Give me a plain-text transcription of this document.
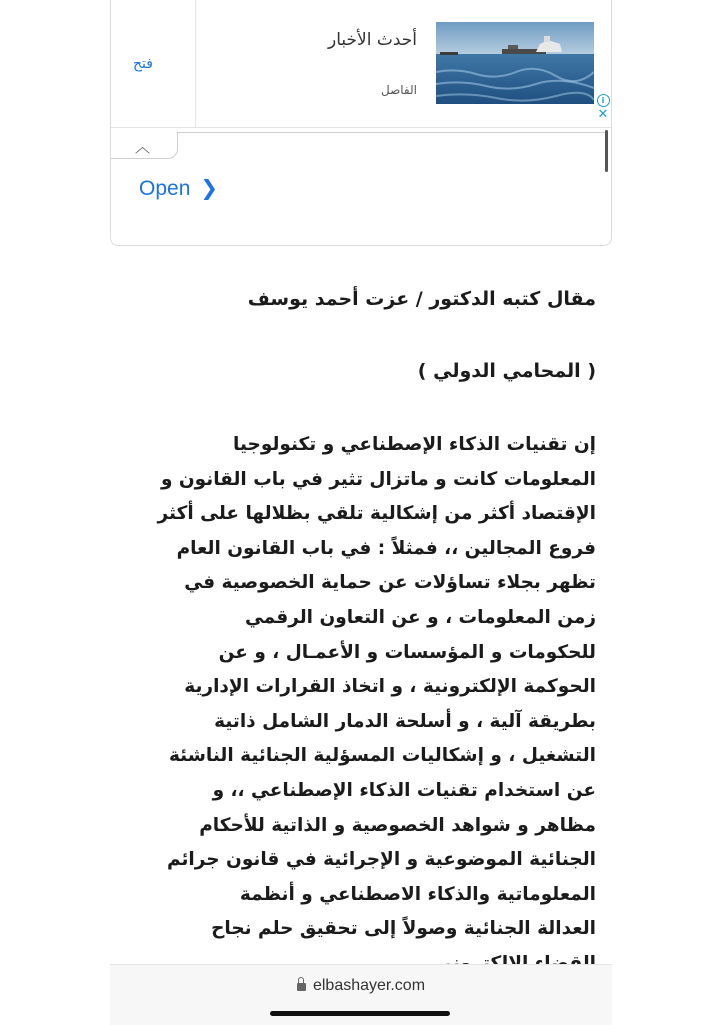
فتح
أحدث الأخبار
الفاصل
i
✕
︿
Open ❯

مقال كتبه الدكتور / عزت أحمد يوسف

( المحامي الدولي )

إن تقنيات الذكاء الإصطناعي و تكنولوجيا
المعلومات كانت و ماتزال تثير في باب القانون و
الإقتصاد أكثر من إشكالية تلقي بظلالها على أكثر
فروع المجالين ،، فمثلاً : في باب القانون العام
تظهر بجلاء تساؤلات عن حماية الخصوصية في
زمن المعلومات ، و عن التعاون الرقمي
للحكومات و المؤسسات و الأعمـال ، و عن
الحوكمة الإلكترونية ، و اتخاذ القرارات الإدارية
بطريقة آلية ، و أسلحة الدمار الشامل ذاتية
التشغيل ، و إشكاليات المسؤلية الجنائية الناشئة
عن استخدام تقنيات الذكاء الإصطناعي ،، و
مظاهر و شواهد الخصوصية و الذاتية للأحكام
الجنائية الموضوعية و الإجرائية في قانون جرائم
المعلوماتية والذكاء الاصطناعي و أنظمة
العدالة الجنائية وصولاً إلى تحقيق حلم نجاح

elbashayer.com
